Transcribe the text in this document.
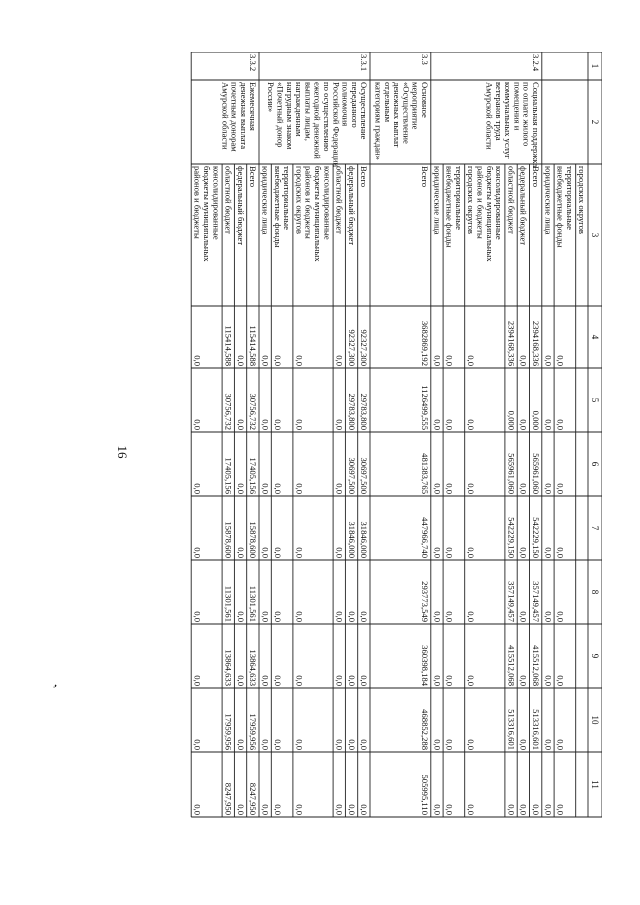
16
’
1
2
3
4
5
6
7
8
9
10
11
городских округов
территориальные
внебюджетные фонды
0,0
0,0
0,0
0,0
0,0
0,0
0,0
0,0
юридические лица
0,0
0,0
0,0
0,0
0,0
0,0
0,0
0,0
Всего
2394168,336
0,000
565961,060
542229,150
357149,457
415512,068
513316,601
0,0
федеральный бюджет
0,0
0,0
0,0
0,0
0,0
0,0
0,0
0,0
областной бюджет
2394168,336
0,000
565961,060
542229,150
357149,457
415512,068
513316,601
0,0
консолидированные
бюджеты муниципальных
районов и бюджеты
городских округов
0,0
0,0
0,0
0,0
0,0
0,0
0,0
0,0
территориальные
внебюджетные фонды
0,0
0,0
0,0
0,0
0,0
0,0
0,0
0,0
юридические лица
0,0
0,0
0,0
0,0
0,0
0,0
0,0
0,0
3.2.4
Социальная поддержка
по оплате жилого
помещения и
коммунальных услуг
ветеранов труда
Амурской области
Всего
3682869,192
1126499,555
481383,765
447966,740
293773,549
360398,184
468852,288
505995,110
3.3
Основное
мероприятие
«Осуществление
денежных выплат
отдельным
категориям граждан»
Всего
92327,300
29783,800
30697,500
31846,000
0,0
0,0
0,0
0,0
федеральный бюджет
92327,300
29783,800
30697,500
31846,000
0,0
0,0
0,0
0,0
областной бюджет
0,0
0,0
0,0
0,0
0,0
0,0
0,0
0,0
консолидированные
бюджеты муниципальных
районов и бюджеты
городских округов
0,0
0,0
0,0
0,0
0,0
0,0
0,0
0,0
территориальные
внебюджетные фонды
0,0
0,0
0,0
0,0
0,0
0,0
0,0
0,0
юридические лица
0,0
0,0
0,0
0,0
0,0
0,0
0,0
0,0
3.3.1
Осуществление
переданного
полномочия
Российской Федерации
по осуществлению
ежегодной денежной
выплаты лицам,
награжденным
нагрудным знаком
«Почетный донор
России»
Всего
115414,588
30756,732
17405,156
15878,600
11301,561
13864,633
17959,956
8247,950
федеральный бюджет
0,0
0,0
0,0
0,0
0,0
0,0
0,0
0,0
областной бюджет
115414,588
30756,732
17405,156
15878,600
11301,561
13864,633
17959,956
8247,950
консолидированные
бюджеты муниципальных
районов и бюджеты
0,0
0,0
0,0
0,0
0,0
0,0
0,0
0,0
3.3.2
Ежемесячная
денежная выплата
почетным донорам
Амурской области
